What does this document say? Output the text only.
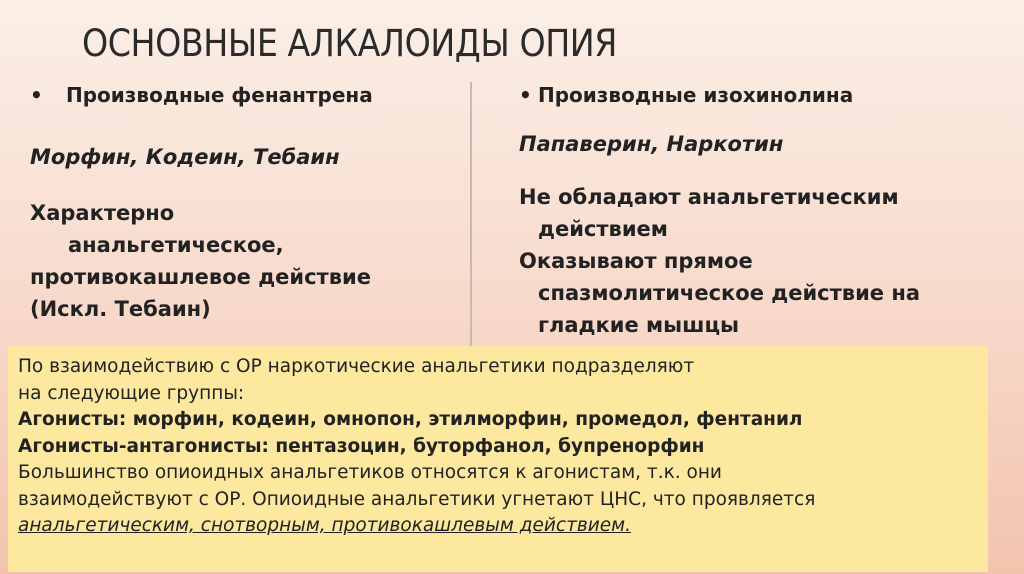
ОСНОВНЫЕ АЛКАЛОИДЫ ОПИЯ
• Производные фенантрена
Морфин, Кодеин, Тебаин
Характерно
анальгетическое,
противокашлевое действие
(Искл. Тебаин)
• Производные изохинолина
Папаверин, Наркотин
Не обладают анальгетическим
действием
Оказывают прямое
спазмолитическое действие на
гладкие мышцы
По взаимодействию с ОР наркотические анальгетики подразделяют
на следующие группы:
Агонисты: морфин, кодеин, омнопон, этилморфин, промедол, фентанил
Агонисты-антагонисты: пентазоцин, буторфанол, бупренорфин
Большинство опиоидных анальгетиков относятся к агонистам, т.к. они
взаимодействуют с ОР. Опиоидные анальгетики угнетают ЦНС, что проявляется
анальгетическим, снотворным, противокашлевым действием.
